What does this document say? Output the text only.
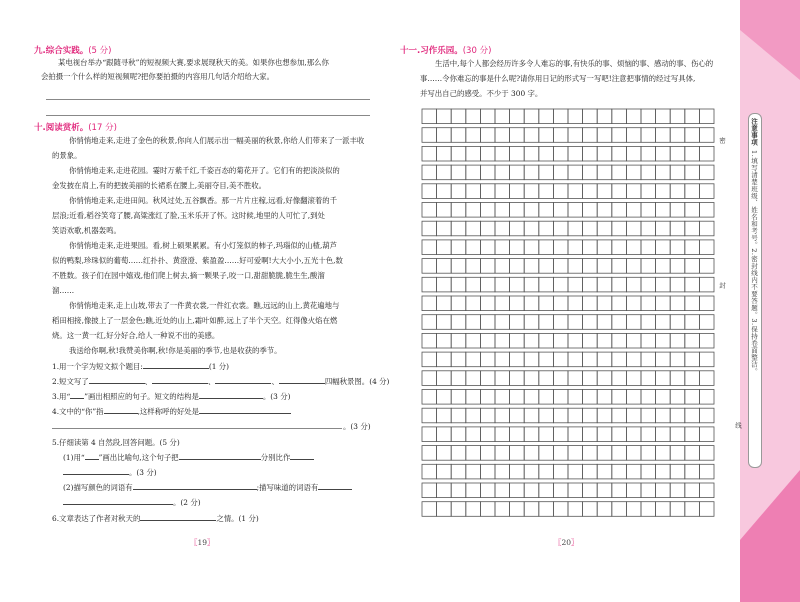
九.综合实践。(5 分)
某电视台举办“跟随寻秋”的短视频大赛,要求展现秋天的美。如果你也想参加,那么你
会拍摄一个什么样的短视频呢?把你要拍摄的内容用几句话介绍给大家。
十.阅读赏析。(17 分)
你悄悄地走来,走进了金色的秋景,你向人们展示出一幅美丽的秋景,你给人们带来了一派丰收
的景象。
你悄悄地走来,走进花园。霎时万紫千红,千姿百态的菊花开了。它们有的把淡淡似的
金发披在肩上,有的把披美丽的长裙系在腰上,美丽夺目,美不胜收。
你悄悄地走来,走进田间。秋风过处,五谷飘香。那一片片庄稼,远看,好像翻滚着的千
层浪;近看,稻谷笑弯了腰,高粱涨红了脸,玉米乐开了怀。这时候,地里的人可忙了,到处
笑语欢歌,机器轰鸣。
你悄悄地走来,走进果园。看,树上硕果累累。有小灯笼似的柿子,玛瑙似的山楂,葫芦
似的鸭梨,珍珠似的葡萄……红扑扑、黄澄澄、紫盈盈……好可爱啊!大大小小,五光十色,数
不胜数。孩子们在园中嬉戏,他们爬上树去,摘一颗果子,咬一口,甜甜脆脆,脆生生,酸溜
溜……
你悄悄地走来,走上山坡,带去了一件黄衣裳,一件红衣裳。瞧,远远的山上,黄花遍地与
稻田相接,像披上了一层金色;瞧,近处的山上,霜叶如醉,远上了半个天空。红得像火焰在燃
烧。这一黄一红,好分好合,给人一种说不出的美感。
我送给你啊,秋!我赞美你啊,秋!你是美丽的季节,也是收获的季节。
1.用一个字为短文拟个题目:	(1 分)
2.短文写了	、	、	、	四幅秋景图。(4 分)
3.用“ ”画出相照应的句子。短文的结构是	。(3 分)
4.文中的“你”指	,这样称呼的好处是
。(3 分)
5.仔细读第 4 自然段,回答问题。(5 分)
(1)用“ ”画出比喻句,这个句子把	分别比作
。(3 分)
(2)描写颜色的词语有	;描写味道的词语有
。(2 分)
6.文章表达了作者对秋天的	之情。(1 分)
〖19〗
十一.习作乐园。(30 分)
生活中,每个人都会经历许多令人难忘的事,有快乐的事、烦恼的事、感动的事、伤心的
事……令你难忘的事是什么呢?请你用日记的形式写一写吧!注意把事情的经过写具体,
并写出自己的感受。不少于 300 字。
〖20〗
注意事项
1.填写清楚班级、姓名和考号。2.密封线内不要答题。3.保持卷面整洁。
密
封
线
